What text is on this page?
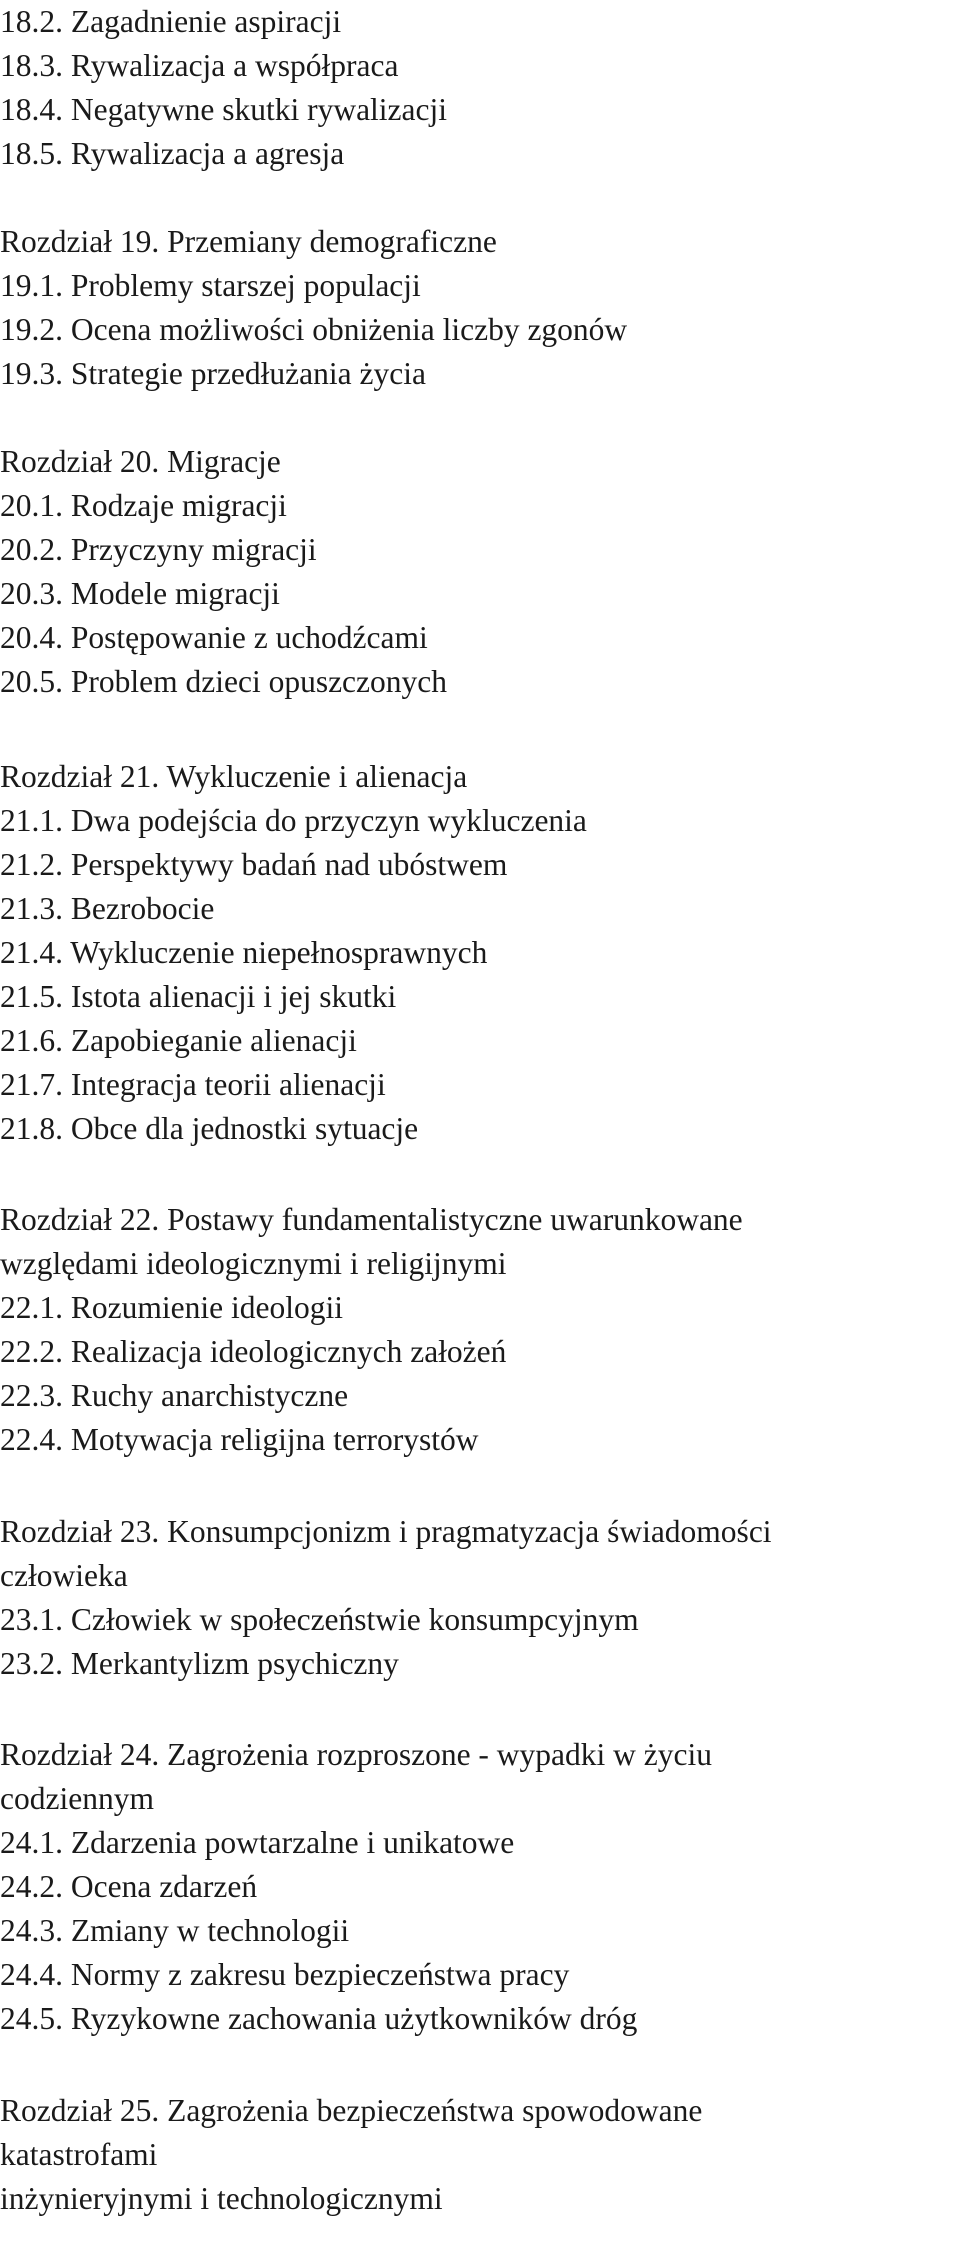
18.2. Zagadnienie aspiracji

18.3. Rywalizacja a współpraca

18.4. Negatywne skutki rywalizacji

18.5. Rywalizacja a agresja

Rozdział 19. Przemiany demograficzne

19.1. Problemy starszej populacji

19.2. Ocena możliwości obniżenia liczby zgonów

19.3. Strategie przedłużania życia

Rozdział 20. Migracje

20.1. Rodzaje migracji

20.2. Przyczyny migracji

20.3. Modele migracji

20.4. Postępowanie z uchodźcami

20.5. Problem dzieci opuszczonych

Rozdział 21. Wykluczenie i alienacja

21.1. Dwa podejścia do przyczyn wykluczenia

21.2. Perspektywy badań nad ubóstwem

21.3. Bezrobocie

21.4. Wykluczenie niepełnosprawnych

21.5. Istota alienacji i jej skutki

21.6. Zapobieganie alienacji

21.7. Integracja teorii alienacji

21.8. Obce dla jednostki sytuacje

Rozdział 22. Postawy fundamentalistyczne uwarunkowane

względami ideologicznymi i religijnymi

22.1. Rozumienie ideologii

22.2. Realizacja ideologicznych założeń

22.3. Ruchy anarchistyczne

22.4. Motywacja religijna terrorystów

Rozdział 23. Konsumpcjonizm i pragmatyzacja świadomości

człowieka

23.1. Człowiek w społeczeństwie konsumpcyjnym

23.2. Merkantylizm psychiczny

Rozdział 24. Zagrożenia rozproszone - wypadki w życiu

codziennym

24.1. Zdarzenia powtarzalne i unikatowe

24.2. Ocena zdarzeń

24.3. Zmiany w technologii

24.4. Normy z zakresu bezpieczeństwa pracy

24.5. Ryzykowne zachowania użytkowników dróg

Rozdział 25. Zagrożenia bezpieczeństwa spowodowane

katastrofami

inżynieryjnymi i technologicznymi
